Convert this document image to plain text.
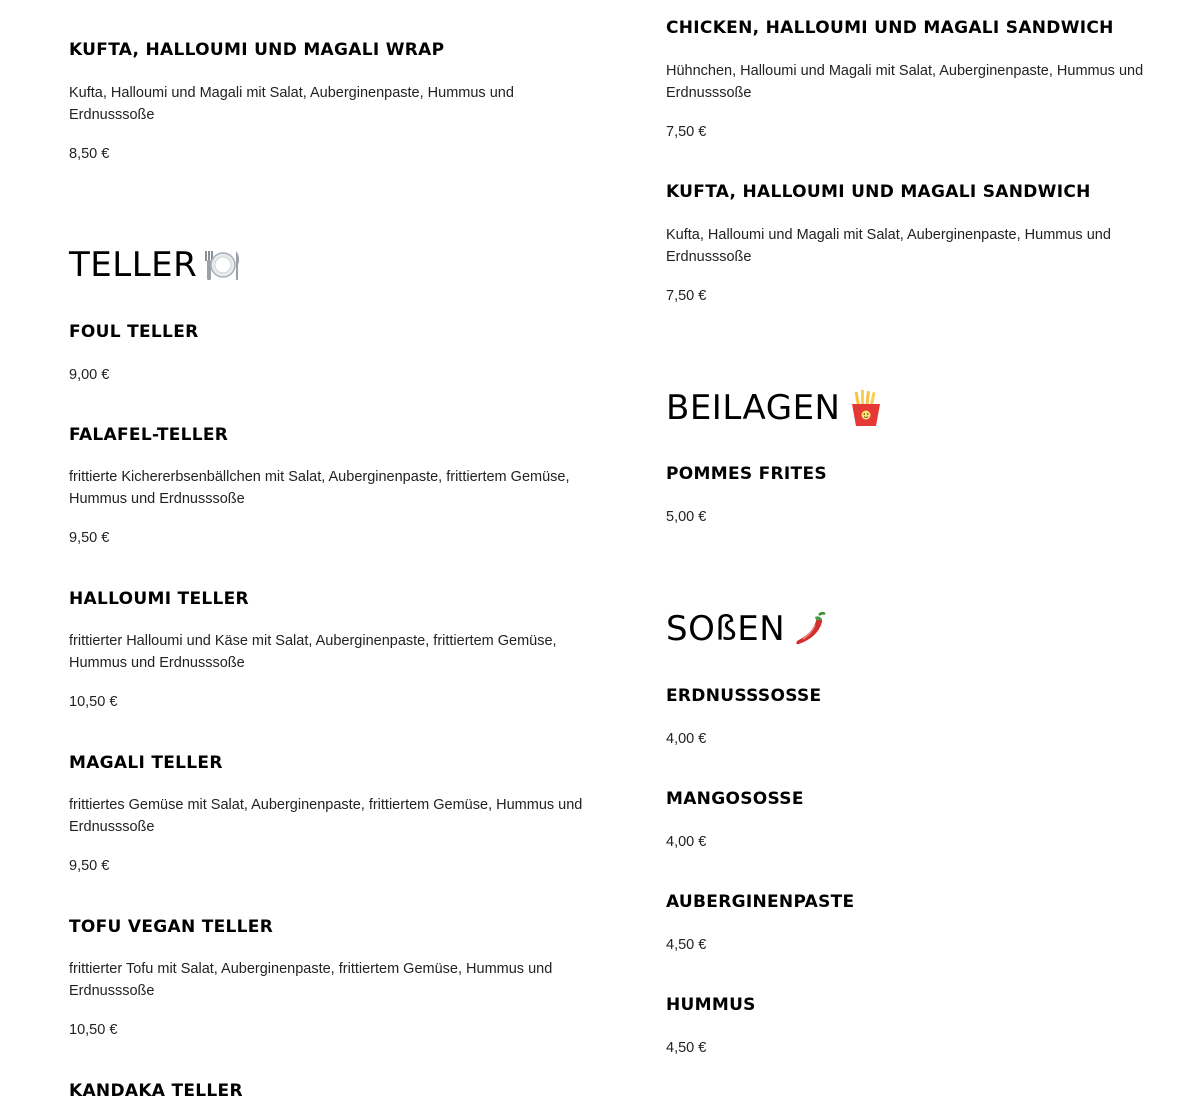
KUFTA, HALLOUMI UND MAGALI WRAP

Kufta, Halloumi und Magali mit Salat, Auberginenpaste, Hummus und Erdnusssoße

8,50 €

TELLER
FOUL TELLER

9,00 €

FALAFEL-TELLER

frittierte Kichererbsenbällchen mit Salat, Auberginenpaste, frittiertem Gemüse, Hummus und Erdnusssoße

9,50 €

HALLOUMI TELLER

frittierter Halloumi und Käse mit Salat, Auberginenpaste, frittiertem Gemüse, Hummus und Erdnusssoße

10,50 €

MAGALI TELLER

frittiertes Gemüse mit Salat, Auberginenpaste, frittiertem Gemüse, Hummus und Erdnusssoße

9,50 €

TOFU VEGAN TELLER

frittierter Tofu mit Salat, Auberginenpaste, frittiertem Gemüse, Hummus und Erdnusssoße

10,50 €

KANDAKA TELLER
CHICKEN, HALLOUMI UND MAGALI SANDWICH

Hühnchen, Halloumi und Magali mit Salat, Auberginenpaste, Hummus und Erdnusssoße

7,50 €

KUFTA, HALLOUMI UND MAGALI SANDWICH

Kufta, Halloumi und Magali mit Salat, Auberginenpaste, Hummus und Erdnusssoße

7,50 €

BEILAGEN
POMMES FRITES

5,00 €

SOßEN
ERDNUSSSOSSE

4,00 €

MANGOSOSSE

4,00 €

AUBERGINENPASTE

4,50 €

HUMMUS

4,50 €
